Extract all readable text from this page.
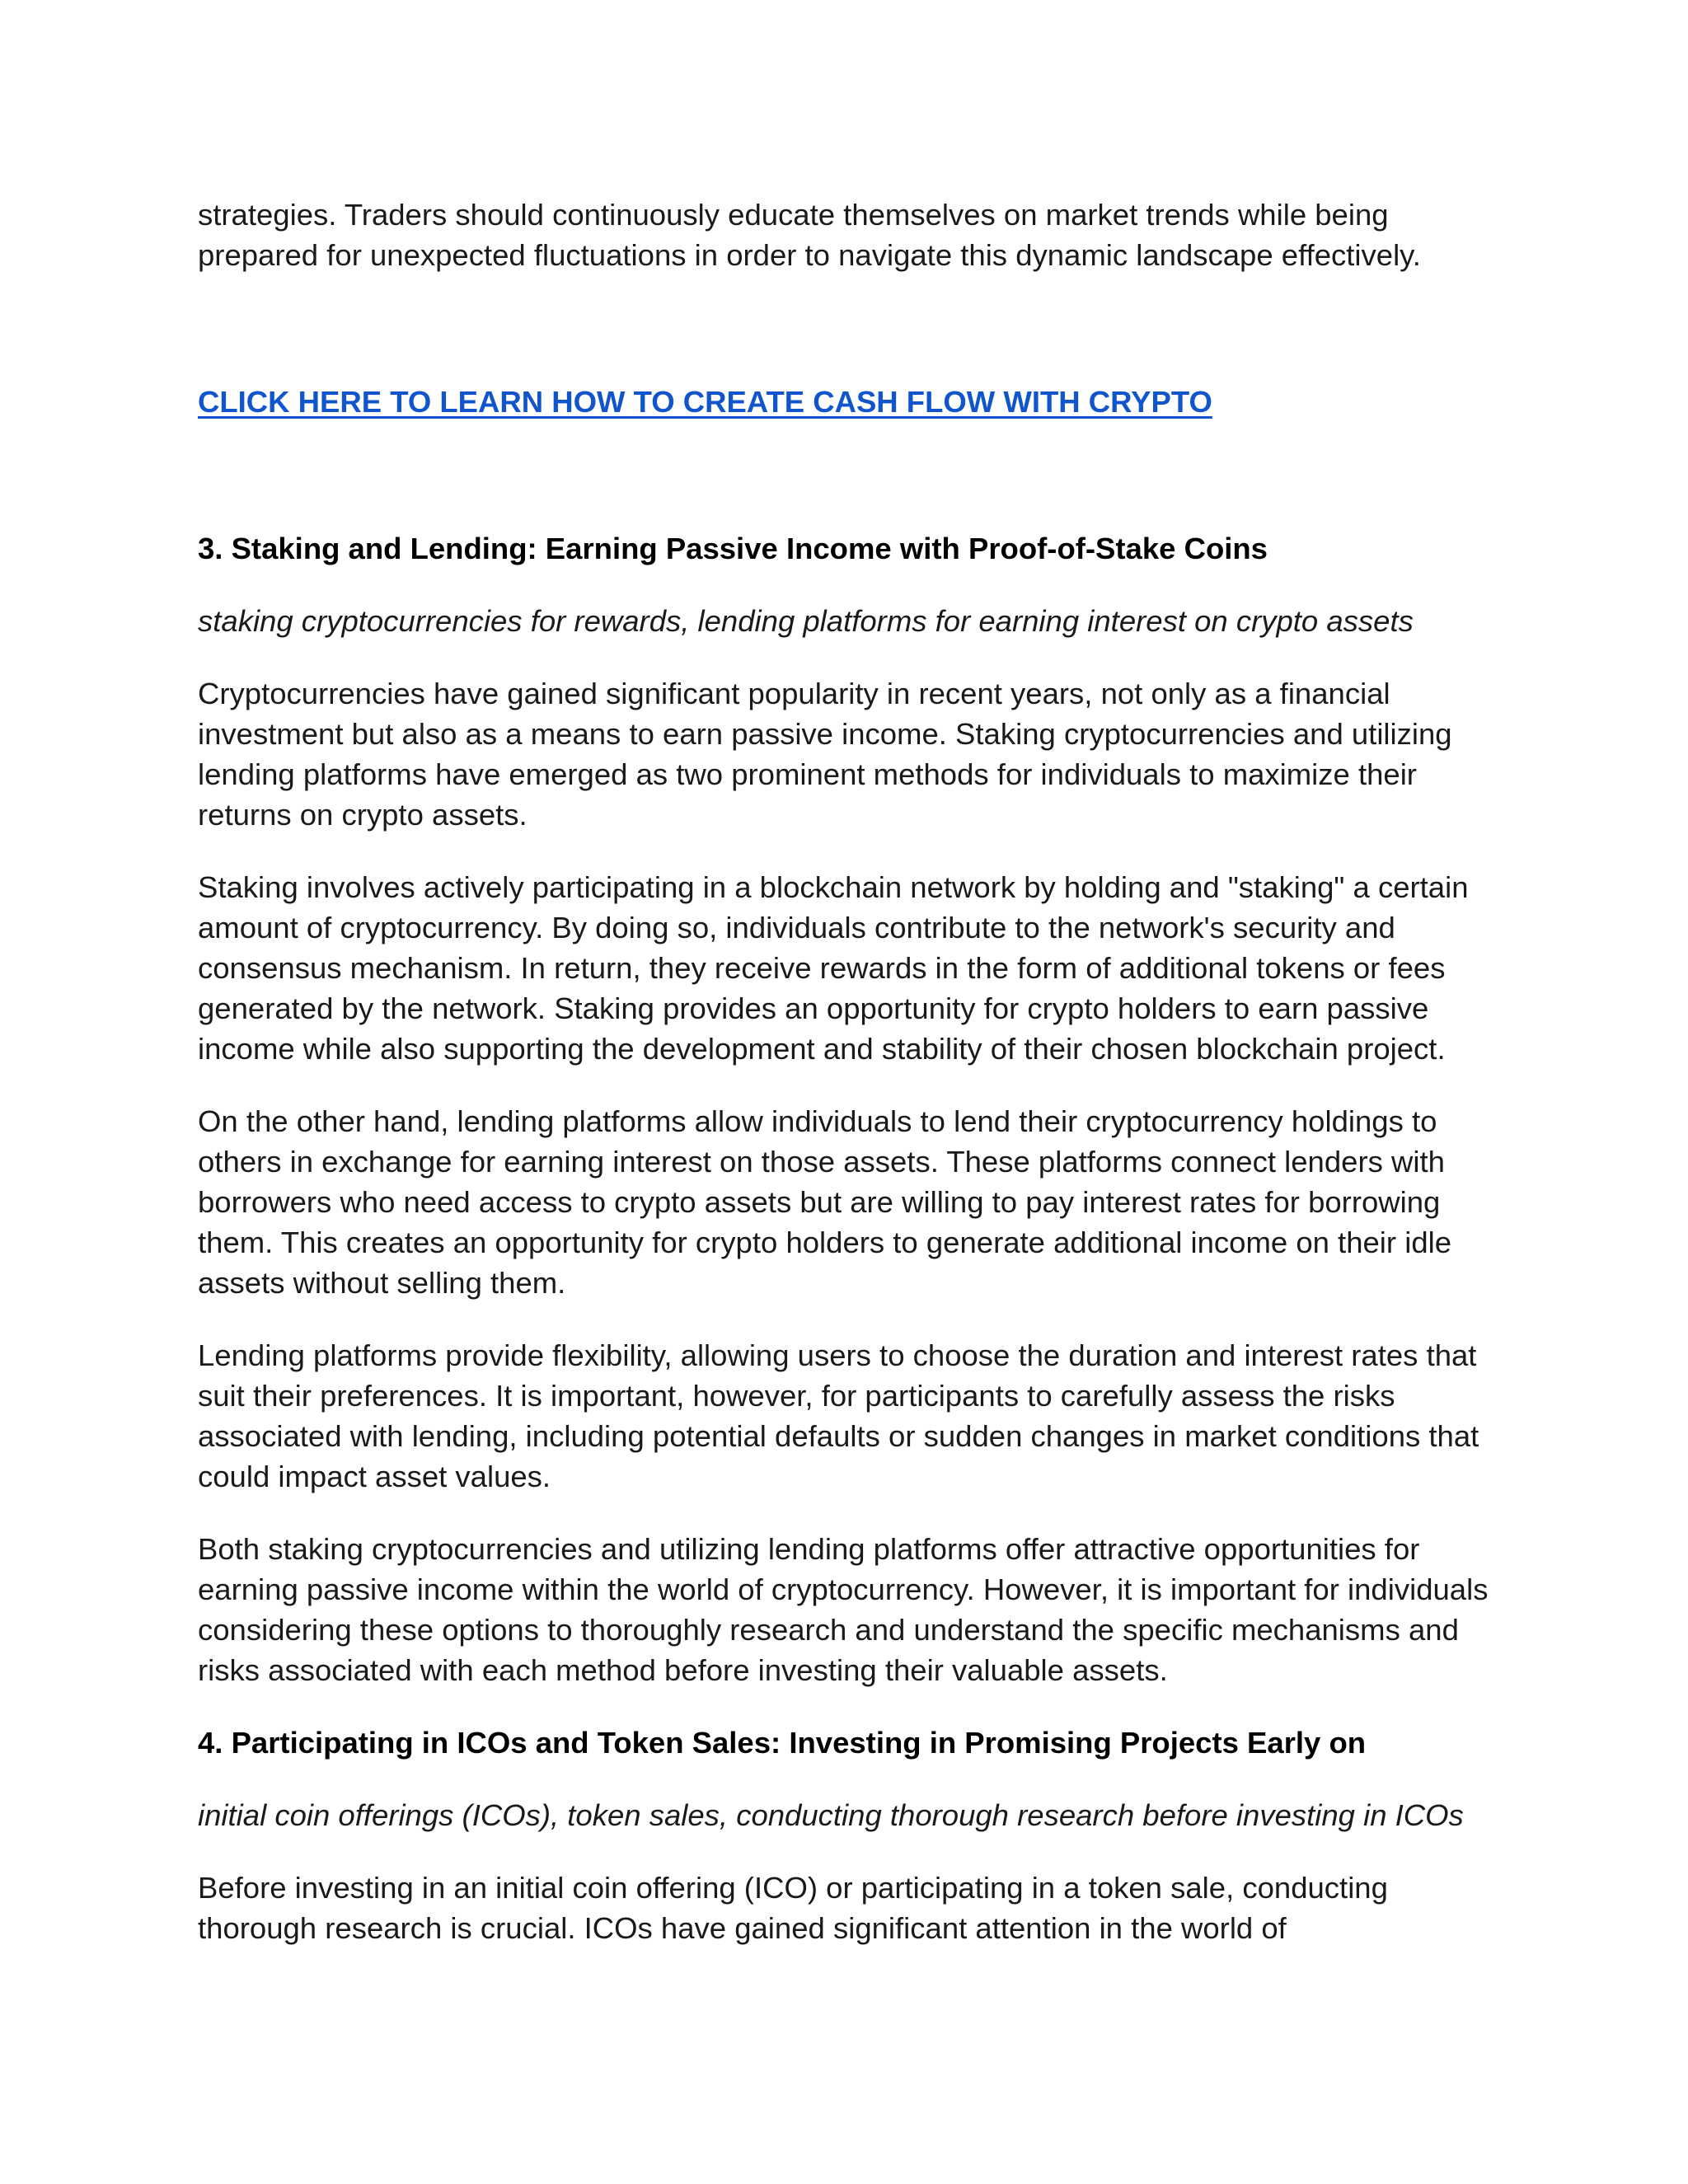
strategies. Traders should continuously educate themselves on market trends while being prepared for unexpected fluctuations in order to navigate this dynamic landscape effectively.

CLICK HERE TO LEARN HOW TO CREATE CASH FLOW WITH CRYPTO

3. Staking and Lending: Earning Passive Income with Proof-of-Stake Coins

staking cryptocurrencies for rewards, lending platforms for earning interest on crypto assets

Cryptocurrencies have gained significant popularity in recent years, not only as a financial investment but also as a means to earn passive income. Staking cryptocurrencies and utilizing lending platforms have emerged as two prominent methods for individuals to maximize their returns on crypto assets.

Staking involves actively participating in a blockchain network by holding and "staking" a certain amount of cryptocurrency. By doing so, individuals contribute to the network's security and consensus mechanism. In return, they receive rewards in the form of additional tokens or fees generated by the network. Staking provides an opportunity for crypto holders to earn passive income while also supporting the development and stability of their chosen blockchain project.

On the other hand, lending platforms allow individuals to lend their cryptocurrency holdings to others in exchange for earning interest on those assets. These platforms connect lenders with borrowers who need access to crypto assets but are willing to pay interest rates for borrowing them. This creates an opportunity for crypto holders to generate additional income on their idle assets without selling them.

Lending platforms provide flexibility, allowing users to choose the duration and interest rates that suit their preferences. It is important, however, for participants to carefully assess the risks associated with lending, including potential defaults or sudden changes in market conditions that could impact asset values.

Both staking cryptocurrencies and utilizing lending platforms offer attractive opportunities for earning passive income within the world of cryptocurrency. However, it is important for individuals considering these options to thoroughly research and understand the specific mechanisms and risks associated with each method before investing their valuable assets.

4. Participating in ICOs and Token Sales: Investing in Promising Projects Early on

initial coin offerings (ICOs), token sales, conducting thorough research before investing in ICOs

Before investing in an initial coin offering (ICO) or participating in a token sale, conducting thorough research is crucial. ICOs have gained significant attention in the world of
